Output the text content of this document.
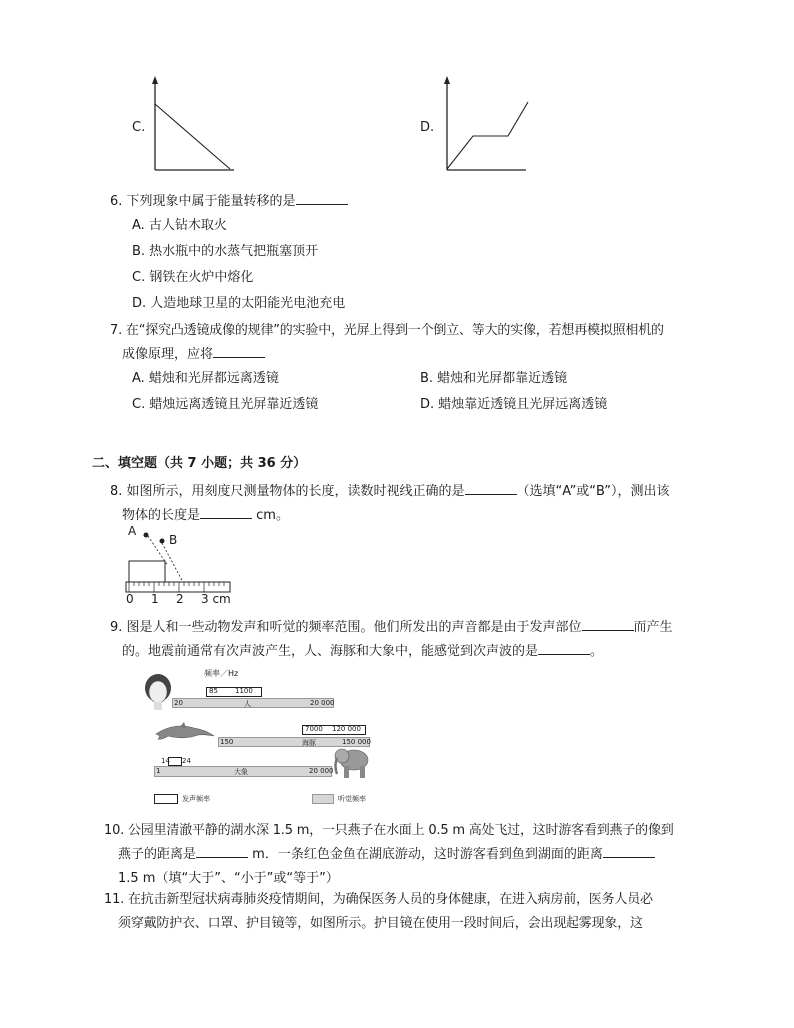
C.	D.
6. 下列现象中属于能量转移的是
A. 古人钻木取火
B. 热水瓶中的水蒸气把瓶塞顶开
C. 钢铁在火炉中熔化
D. 人造地球卫星的太阳能光电池充电
7. 在“探究凸透镜成像的规律”的实验中，光屏上得到一个倒立、等大的实像，若想再模拟照相机的
成像原理，应将
A. 蜡烛和光屏都远离透镜	B. 蜡烛和光屏都靠近透镜
C. 蜡烛远离透镜且光屏靠近透镜	D. 蜡烛靠近透镜且光屏远离透镜
二、填空题（共 7 小题；共 36 分）
8. 如图所示，用刻度尺测量物体的长度，读数时视线正确的是	（选填“A”或“B”），测出该
物体的长度是	cm。
A
B
0 1 2 3 cm
9. 图是人和一些动物发声和听觉的频率范围。他们所发出的声音都是由于发声部位	而产生
的。地震前通常有次声波产生，人、海豚和大象中，能感觉到次声波的是	。
频率／Hz
85 1100
20	人	20 000
7000 120 000
150	海豚	150 000
14 24
1	大象	20 000
发声频率	听觉频率
10. 公园里清澈平静的湖水深 1.5 m，一只燕子在水面上 0.5 m 高处飞过，这时游客看到燕子的像到
燕子的距离是	m．一条红色金鱼在湖底游动，这时游客看到鱼到湖面的距离
1.5 m（填“大于”、“小于”或“等于”）
11. 在抗击新型冠状病毒肺炎疫情期间，为确保医务人员的身体健康，在进入病房前，医务人员必
须穿戴防护衣、口罩、护目镜等，如图所示。护目镜在使用一段时间后，会出现起雾现象，这
